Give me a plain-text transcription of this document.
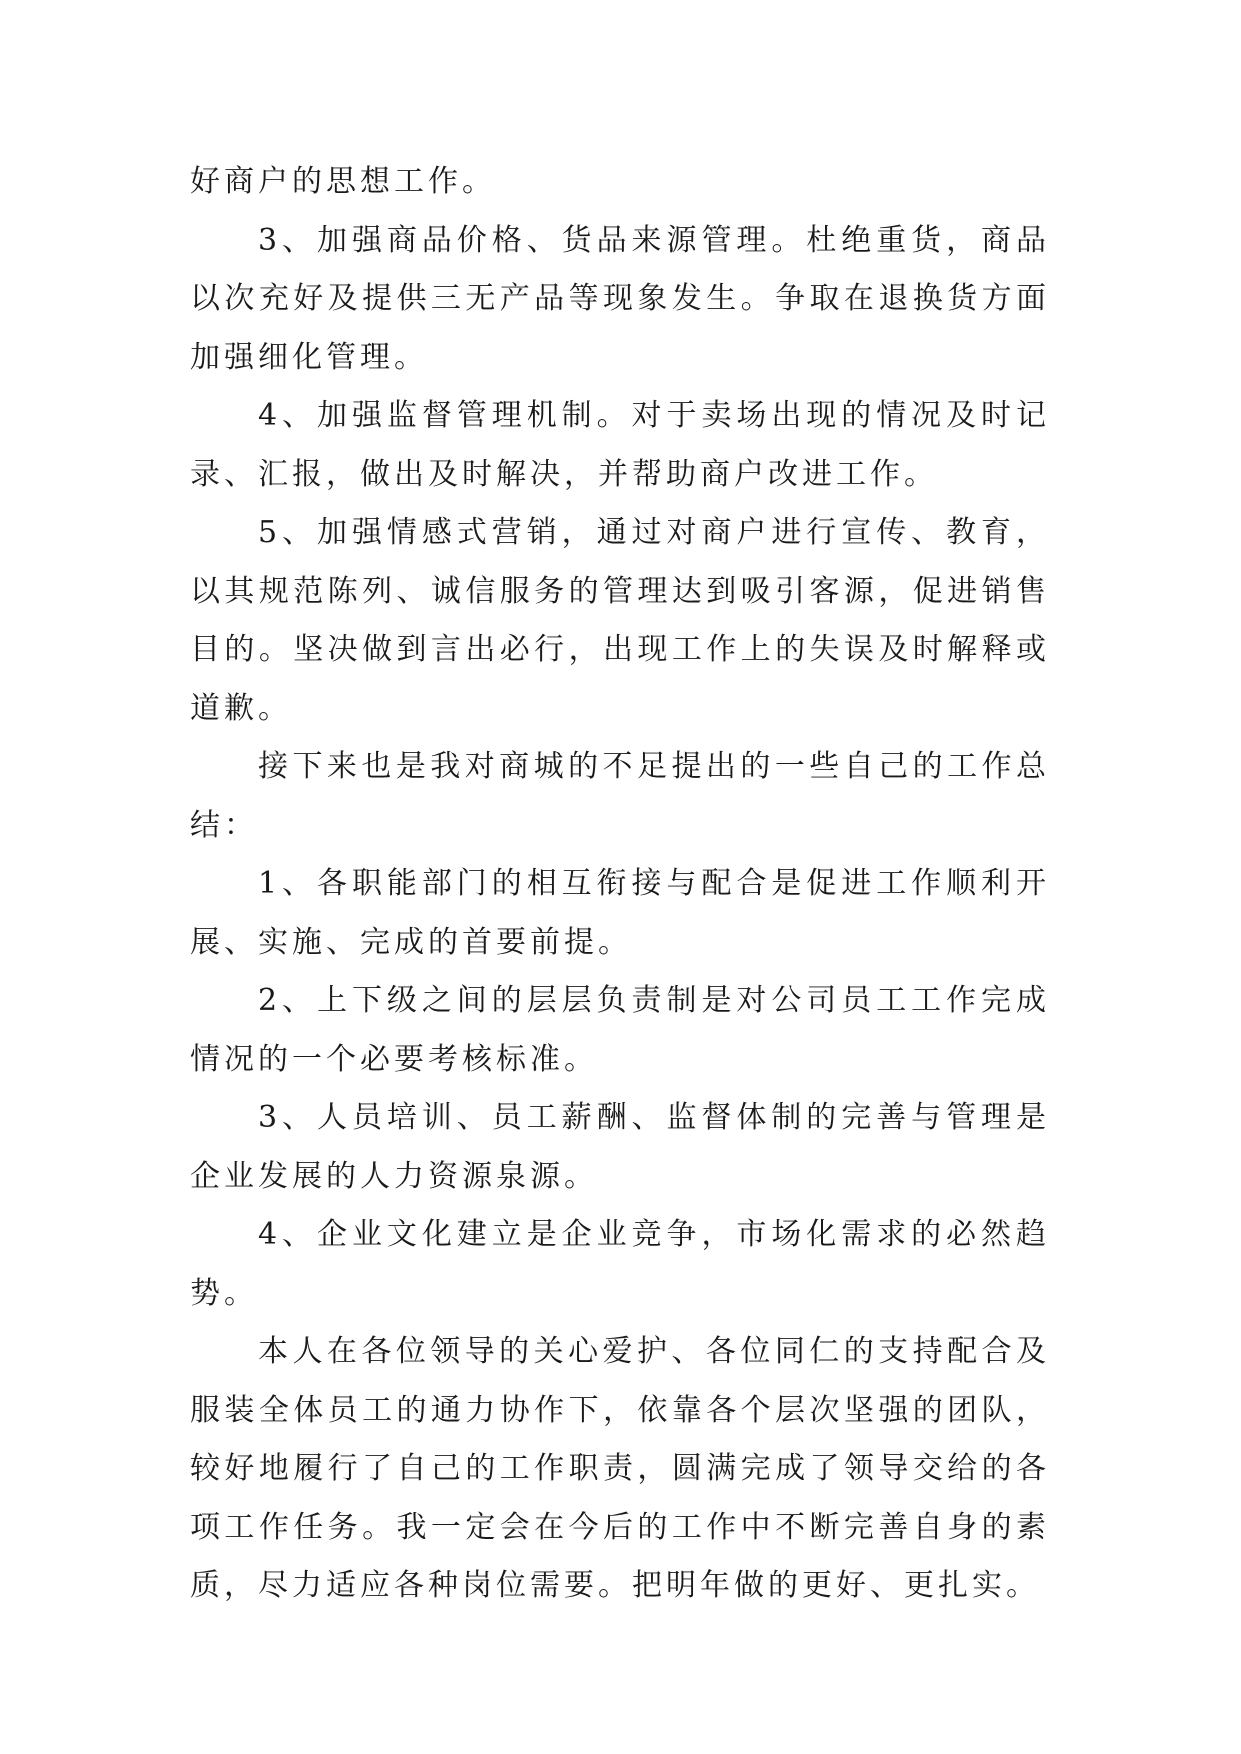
好商户的思想工作。

3、加强商品价格、货品来源管理。杜绝重货，商品以次充好及提供三无产品等现象发生。争取在退换货方面加强细化管理。

4、加强监督管理机制。对于卖场出现的情况及时记录、汇报，做出及时解决，并帮助商户改进工作。

5、加强情感式营销，通过对商户进行宣传、教育，以其规范陈列、诚信服务的管理达到吸引客源，促进销售目的。坚决做到言出必行，出现工作上的失误及时解释或道歉。

接下来也是我对商城的不足提出的一些自己的工作总结：

1、各职能部门的相互衔接与配合是促进工作顺利开展、实施、完成的首要前提。

2、上下级之间的层层负责制是对公司员工工作完成情况的一个必要考核标准。

3、人员培训、员工薪酬、监督体制的完善与管理是企业发展的人力资源泉源。

4、企业文化建立是企业竞争，市场化需求的必然趋势。

本人在各位领导的关心爱护、各位同仁的支持配合及服装全体员工的通力协作下，依靠各个层次坚强的团队，较好地履行了自己的工作职责，圆满完成了领导交给的各项工作任务。我一定会在今后的工作中不断完善自身的素质，尽力适应各种岗位需要。把明年做的更好、更扎实。
